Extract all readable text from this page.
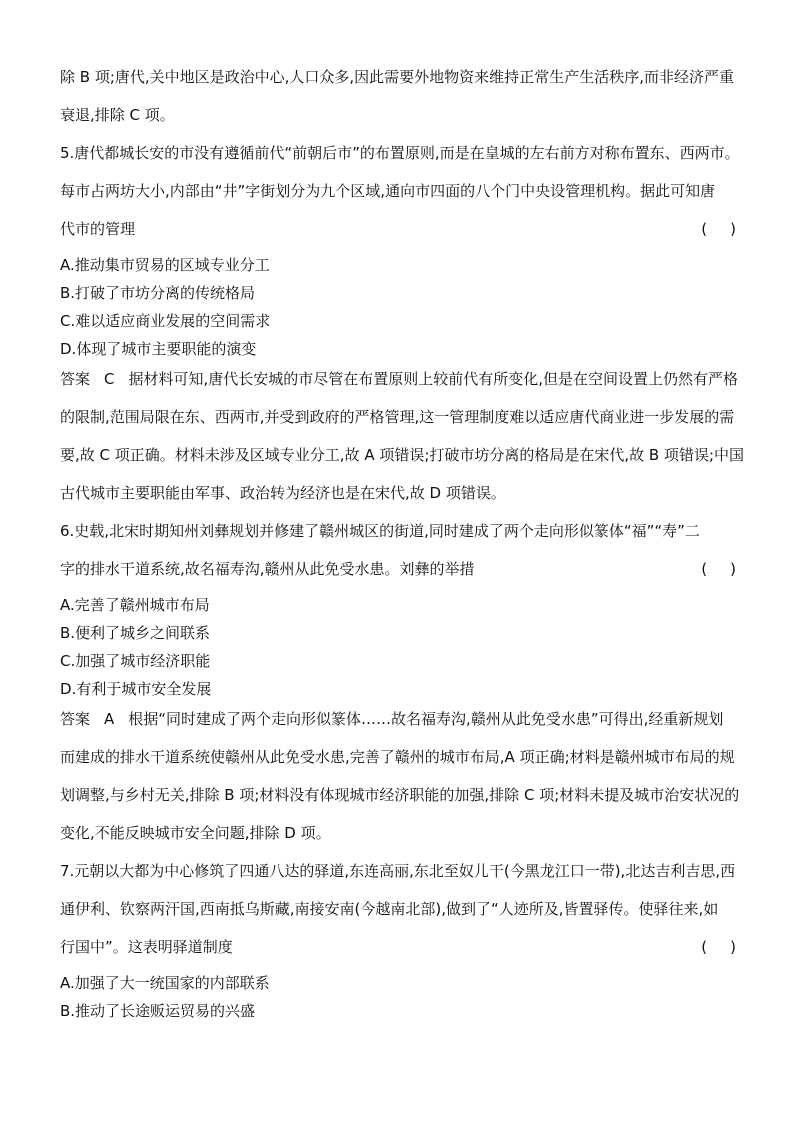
除 B 项;唐代,关中地区是政治中心,人口众多,因此需要外地物资来维持正常生产生活秩序,而非经济严重
衰退,排除 C 项。
5.唐代都城长安的市没有遵循前代“前朝后市”的布置原则,而是在皇城的左右前方对称布置东、西两市。
每市占两坊大小,内部由“井”字街划分为九个区域,通向市四面的八个门中央设管理机构。据此可知唐
代市的管理	(　)
A.推动集市贸易的区域专业分工
B.打破了市坊分离的传统格局
C.难以适应商业发展的空间需求
D.体现了城市主要职能的演变
答案 C 据材料可知,唐代长安城的市尽管在布置原则上较前代有所变化,但是在空间设置上仍然有严格
的限制,范围局限在东、西两市,并受到政府的严格管理,这一管理制度难以适应唐代商业进一步发展的需
要,故 C 项正确。材料未涉及区域专业分工,故 A 项错误;打破市坊分离的格局是在宋代,故 B 项错误;中国
古代城市主要职能由军事、政治转为经济也是在宋代,故 D 项错误。
6.史载,北宋时期知州刘彝规划并修建了赣州城区的街道,同时建成了两个走向形似篆体“福”“寿”二
字的排水干道系统,故名福寿沟,赣州从此免受水患。刘彝的举措	(　)
A.完善了赣州城市布局
B.便利了城乡之间联系
C.加强了城市经济职能
D.有利于城市安全发展
答案 A 根据“同时建成了两个走向形似篆体……故名福寿沟,赣州从此免受水患”可得出,经重新规划
而建成的排水干道系统使赣州从此免受水患,完善了赣州的城市布局,A 项正确;材料是赣州城市布局的规
划调整,与乡村无关,排除 B 项;材料没有体现城市经济职能的加强,排除 C 项;材料未提及城市治安状况的
变化,不能反映城市安全问题,排除 D 项。
7.元朝以大都为中心修筑了四通八达的驿道,东连高丽,东北至奴儿干(今黑龙江口一带),北达吉利吉思,西
通伊利、钦察两汗国,西南抵乌斯藏,南接安南(今越南北部),做到了“人迹所及,皆置驿传。使驿往来,如
行国中”。这表明驿道制度	(　)
A.加强了大一统国家的内部联系
B.推动了长途贩运贸易的兴盛
